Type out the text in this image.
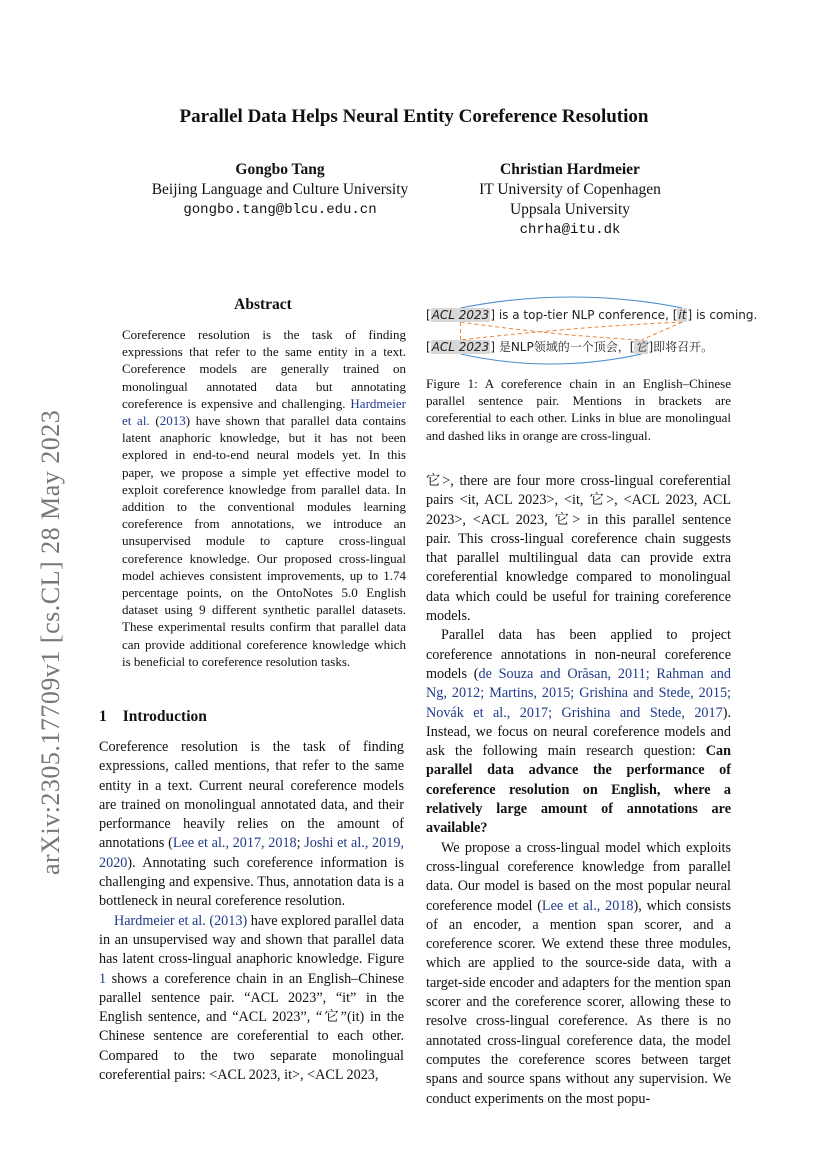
arXiv:2305.17709v1 [cs.CL] 28 May 2023
Parallel Data Helps Neural Entity Coreference Resolution
Gongbo Tang
Beijing Language and Culture University
gongbo.tang@blcu.edu.cn
Christian Hardmeier
IT University of Copenhagen
Uppsala University
chrha@itu.dk
Abstract
Coreference resolution is the task of finding expressions that refer to the same entity in a text. Coreference models are generally trained on monolingual annotated data but annotating coreference is expensive and challenging. Hardmeier et al. (2013) have shown that parallel data contains latent anaphoric knowledge, but it has not been explored in end-to-end neural models yet. In this paper, we propose a simple yet effective model to exploit coreference knowledge from parallel data. In addition to the conventional modules learning coreference from annotations, we introduce an unsupervised module to capture cross-lingual coreference knowledge. Our proposed cross-lingual model achieves consistent improvements, up to 1.74 percentage points, on the OntoNotes 5.0 English dataset using 9 different synthetic parallel datasets. These experimental results confirm that parallel data can provide additional coreference knowledge which is beneficial to coreference resolution tasks.
1 Introduction

Coreference resolution is the task of finding expressions, called mentions, that refer to the same entity in a text. Current neural coreference models are trained on monolingual annotated data, and their performance heavily relies on the amount of annotations (Lee et al., 2017, 2018; Joshi et al., 2019, 2020). Annotating such coreference information is challenging and expensive. Thus, annotation data is a bottleneck in neural coreference resolution.

Hardmeier et al. (2013) have explored parallel data in an unsupervised way and shown that parallel data has latent cross-lingual anaphoric knowledge. Figure 1 shows a coreference chain in an English–Chinese parallel sentence pair. “ACL 2023”, “it” in the English sentence, and “ACL 2023”, “它”(it) in the Chinese sentence are coreferential to each other. Compared to the two separate monolingual coreferential pairs: <ACL 2023, it>, <ACL 2023,

[ACL 2023] is a top-tier NLP conference, [it] is coming.
[ACL 2023] 是NLP领域的一个顶会，[它]即将召开。
Figure 1: A coreference chain in an English–Chinese parallel sentence pair. Mentions in brackets are coreferential to each other. Links in blue are monolingual and dashed liks in orange are cross-lingual.

它>, there are four more cross-lingual coreferential pairs <it, ACL 2023>, <it, 它>, <ACL 2023, ACL 2023>, <ACL 2023, 它> in this parallel sentence pair. This cross-lingual coreference chain suggests that parallel multilingual data can provide extra coreferential knowledge compared to monolingual data which could be useful for training coreference models.

Parallel data has been applied to project coreference annotations in non-neural coreference models (de Souza and Orăsan, 2011; Rahman and Ng, 2012; Martins, 2015; Grishina and Stede, 2015; Novák et al., 2017; Grishina and Stede, 2017). Instead, we focus on neural coreference models and ask the following main research question: Can parallel data advance the performance of coreference resolution on English, where a relatively large amount of annotations are available?

We propose a cross-lingual model which exploits cross-lingual coreference knowledge from parallel data. Our model is based on the most popular neural coreference model (Lee et al., 2018), which consists of an encoder, a mention span scorer, and a coreference scorer. We extend these three modules, which are applied to the source-side data, with a target-side encoder and adapters for the mention span scorer and the coreference scorer, allowing these to resolve cross-lingual coreference. As there is no annotated cross-lingual coreference data, the model computes the coreference scores between target spans and source spans without any supervision. We conduct experiments on the most popu-
